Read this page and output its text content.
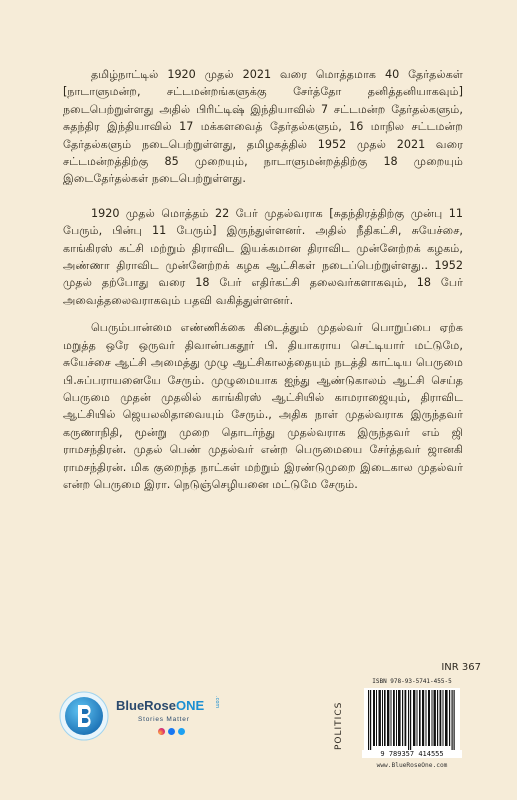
தமிழ்நாட்டில் 1920 முதல் 2021 வரை மொத்தமாக 40 தேர்தல்கள் [நாடாளுமன்ற, சட்டமன்றங்களுக்கு சேர்த்தோ தனித்தனியாகவும்] நடைபெற்றுள்ளது அதில் பிரிட்டிஷ் இந்தியாவில் 7 சட்டமன்ற தேர்தல்களும், சுதந்திர இந்தியாவில் 17 மக்களவைத் தேர்தல்களும், 16 மாநில சட்டமன்ற தேர்தல்களும் நடைபெற்றுள்ளது, தமிழகத்தில் 1952 முதல் 2021 வரை சட்டமன்றத்திற்கு 85 முறையும், நாடாளுமன்றத்திற்கு 18 முறையும் இடைதேர்தல்கள் நடைபெற்றுள்ளது.

1920 முதல் மொத்தம் 22 பேர் முதல்வராக [சுதந்திரத்திற்கு முன்பு 11 பேரும், பின்பு 11 பேரும்] இருந்துள்ளனர். அதில் நீதிகட்சி, சுயேச்சை, காங்கிரஸ் கட்சி மற்றும் திராவிட இயக்கமான திராவிட முன்னேற்றக் கழகம், அண்ணா திராவிட முன்னேற்றக் கழக ஆட்சிகள் நடைப்பெற்றுள்ளது.. 1952 முதல் தற்போது வரை 18 பேர் எதிர்கட்சி தலைவர்களாகவும், 18 பேர் அவைத்தலைவராகவும் பதவி வகித்துள்ளனர்.

பெரும்பான்மை எண்ணிக்கை கிடைத்தும் முதல்வர் பொறுப்பை ஏற்க மறுத்த ஒரே ஒருவர் திவான்பகதூர் பி. தியாகராய செட்டியார் மட்டுமே, சுயேச்சை ஆட்சி அமைத்து முழு ஆட்சிகாலத்தையும் நடத்தி காட்டிய பெருமை பி.சுப்பராயனையே சேரும். முழுமையாக ஐந்து ஆண்டுகாலம் ஆட்சி செய்த பெருமை முதன் முதலில் காங்கிரஸ் ஆட்சியில் காமராஜையும், திராவிட ஆட்சியில் ஜெயலலிதாவையும் சேரும்., அதிக நாள் முதல்வராக இருந்தவர் கருணாநிதி, மூன்று முறை தொடர்ந்து முதல்வராக இருந்தவர் எம் ஜி ராமசந்திரன். முதல் பெண் முதல்வர் என்ற பெருமையை சேர்த்தவர் ஜானகி ராமசந்திரன். மிக குறைந்த நாட்கள் மற்றும் இரண்டுமுறை இடைகால முதல்வர் என்ற பெருமை இரா. நெடுஞ்செழியனை மட்டுமே சேரும்.

INR 367
POLITICS
ISBN 978-93-5741-455-5
9 789357 414555
www.BlueRoseOne.com
BlueRoseONE .com
Stories Matter
